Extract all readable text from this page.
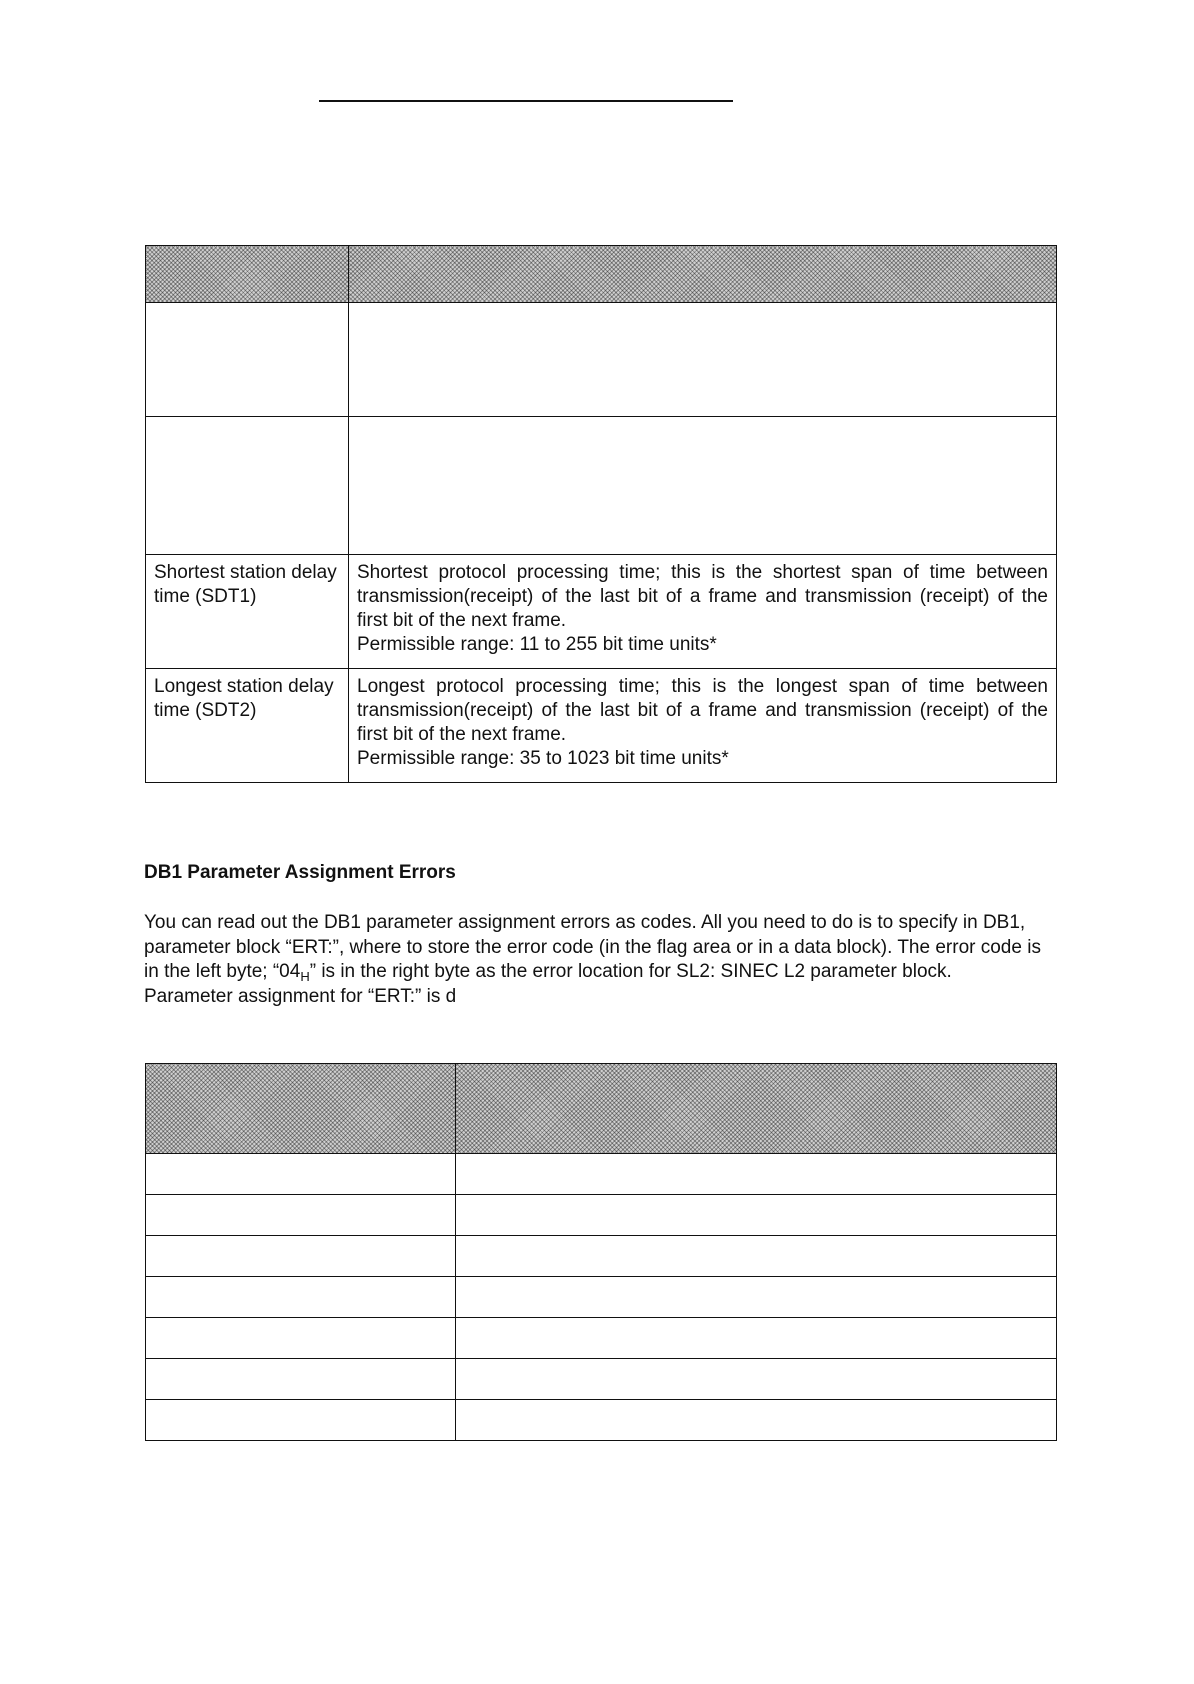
Shortest station delay time (SDT1)	Shortest protocol processing time; this is the shortest span of time between transmission(receipt) of the last bit of a frame and transmission (receipt) of the first bit of the next frame.
Permissible range: 11 to 255 bit time units*

Longest station delay time (SDT2)	Longest protocol processing time; this is the longest span of time between transmission(receipt) of the last bit of a frame and transmission (receipt) of the first bit of the next frame.
Permissible range: 35 to 1023 bit time units*
DB1 Parameter Assignment Errors

You can read out the DB1 parameter assignment errors as codes. All you need to do is to specify in DB1, parameter block “ERT:”, where to store the error code (in the flag area or in a data block). The error code is in the left byte; “$04_H$” is in the right byte as the error location for SL2: SINEC L2 parameter block. Parameter assignment for “ERT:” is d
